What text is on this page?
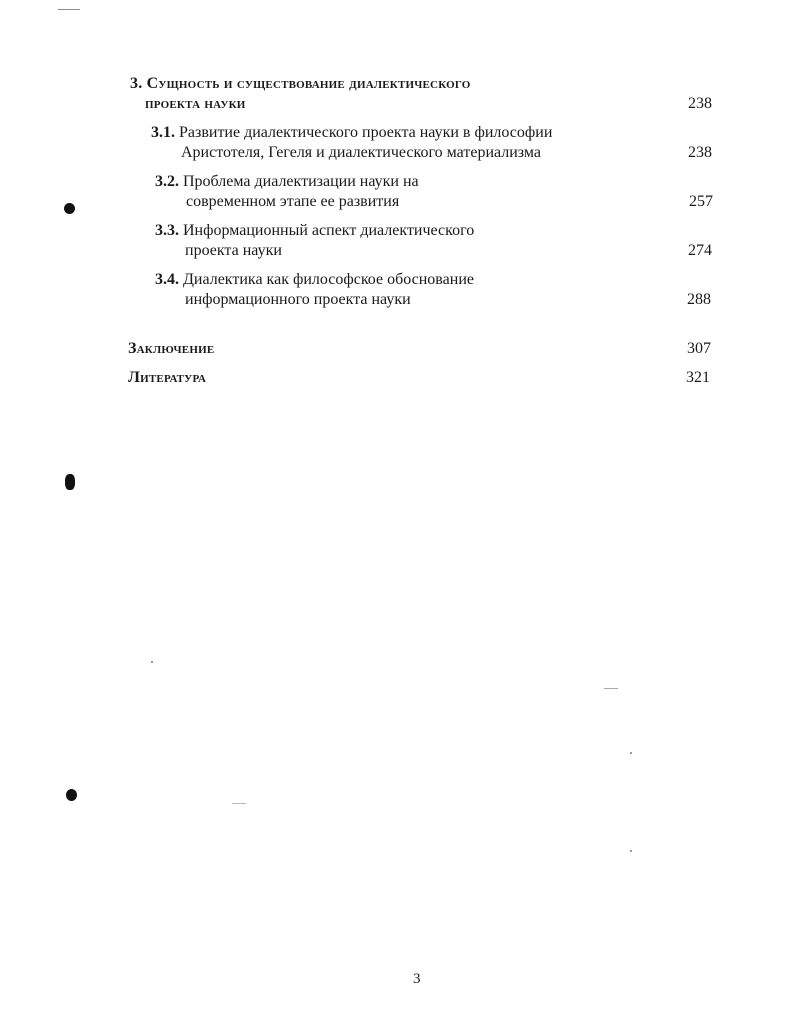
3. Сущность и существование диалектического
проекта науки	238
3.1. Развитие диалектического проекта науки в философии
Аристотеля, Гегеля и диалектического материализма	238
3.2. Проблема диалектизации науки на
современном этапе ее развития	257
3.3. Информационный аспект диалектического
проекта науки	274
3.4. Диалектика как философское обоснование
информационного проекта науки	288
Заключение	307
Литература	321
3
